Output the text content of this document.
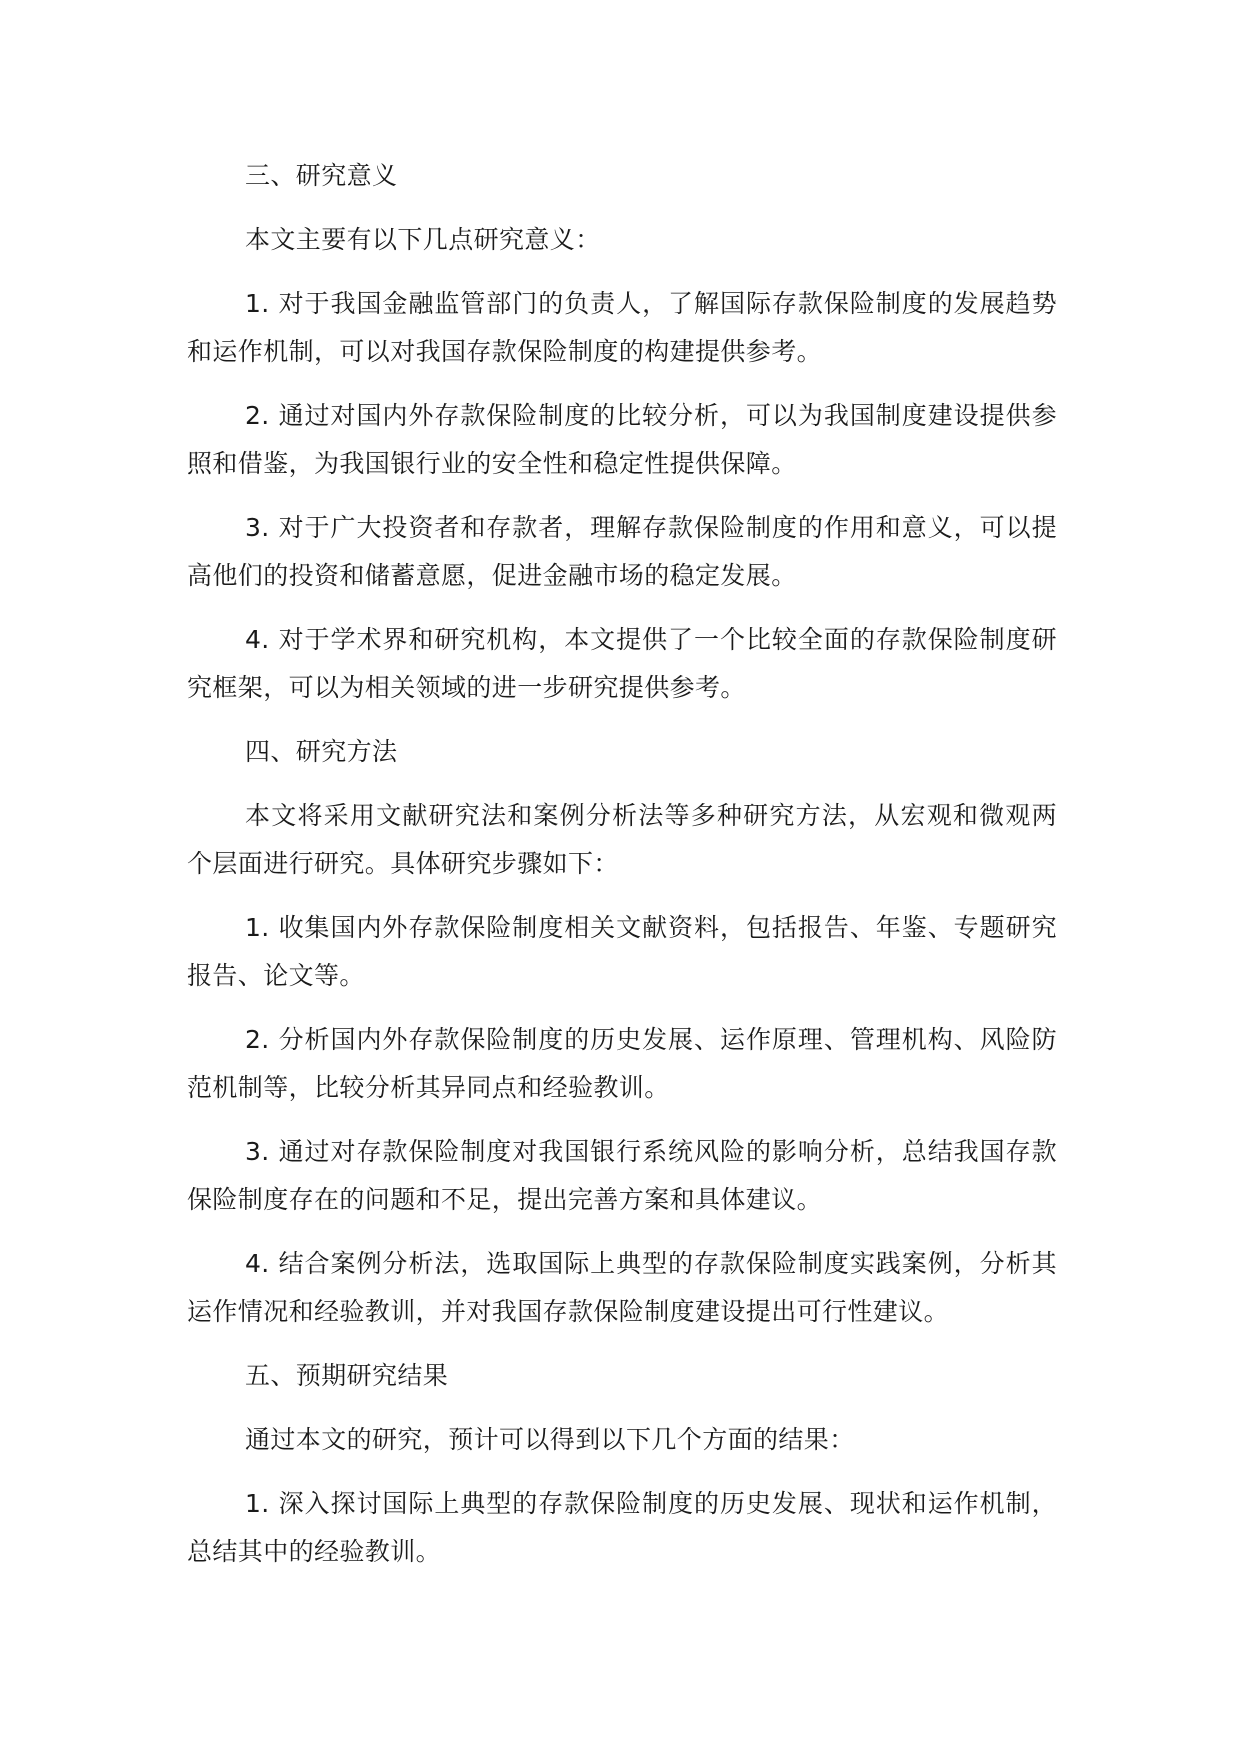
三、研究意义

本文主要有以下几点研究意义：

1. 对于我国金融监管部门的负责人，了解国际存款保险制度的发展趋势和运作机制，可以对我国存款保险制度的构建提供参考。

2. 通过对国内外存款保险制度的比较分析，可以为我国制度建设提供参照和借鉴，为我国银行业的安全性和稳定性提供保障。

3. 对于广大投资者和存款者，理解存款保险制度的作用和意义，可以提高他们的投资和储蓄意愿，促进金融市场的稳定发展。

4. 对于学术界和研究机构，本文提供了一个比较全面的存款保险制度研究框架，可以为相关领域的进一步研究提供参考。

四、研究方法

本文将采用文献研究法和案例分析法等多种研究方法，从宏观和微观两个层面进行研究。具体研究步骤如下：

1. 收集国内外存款保险制度相关文献资料，包括报告、年鉴、专题研究报告、论文等。

2. 分析国内外存款保险制度的历史发展、运作原理、管理机构、风险防范机制等，比较分析其异同点和经验教训。

3. 通过对存款保险制度对我国银行系统风险的影响分析，总结我国存款保险制度存在的问题和不足，提出完善方案和具体建议。

4. 结合案例分析法，选取国际上典型的存款保险制度实践案例，分析其运作情况和经验教训，并对我国存款保险制度建设提出可行性建议。

五、预期研究结果

通过本文的研究，预计可以得到以下几个方面的结果：

1. 深入探讨国际上典型的存款保险制度的历史发展、现状和运作机制，总结其中的经验教训。
